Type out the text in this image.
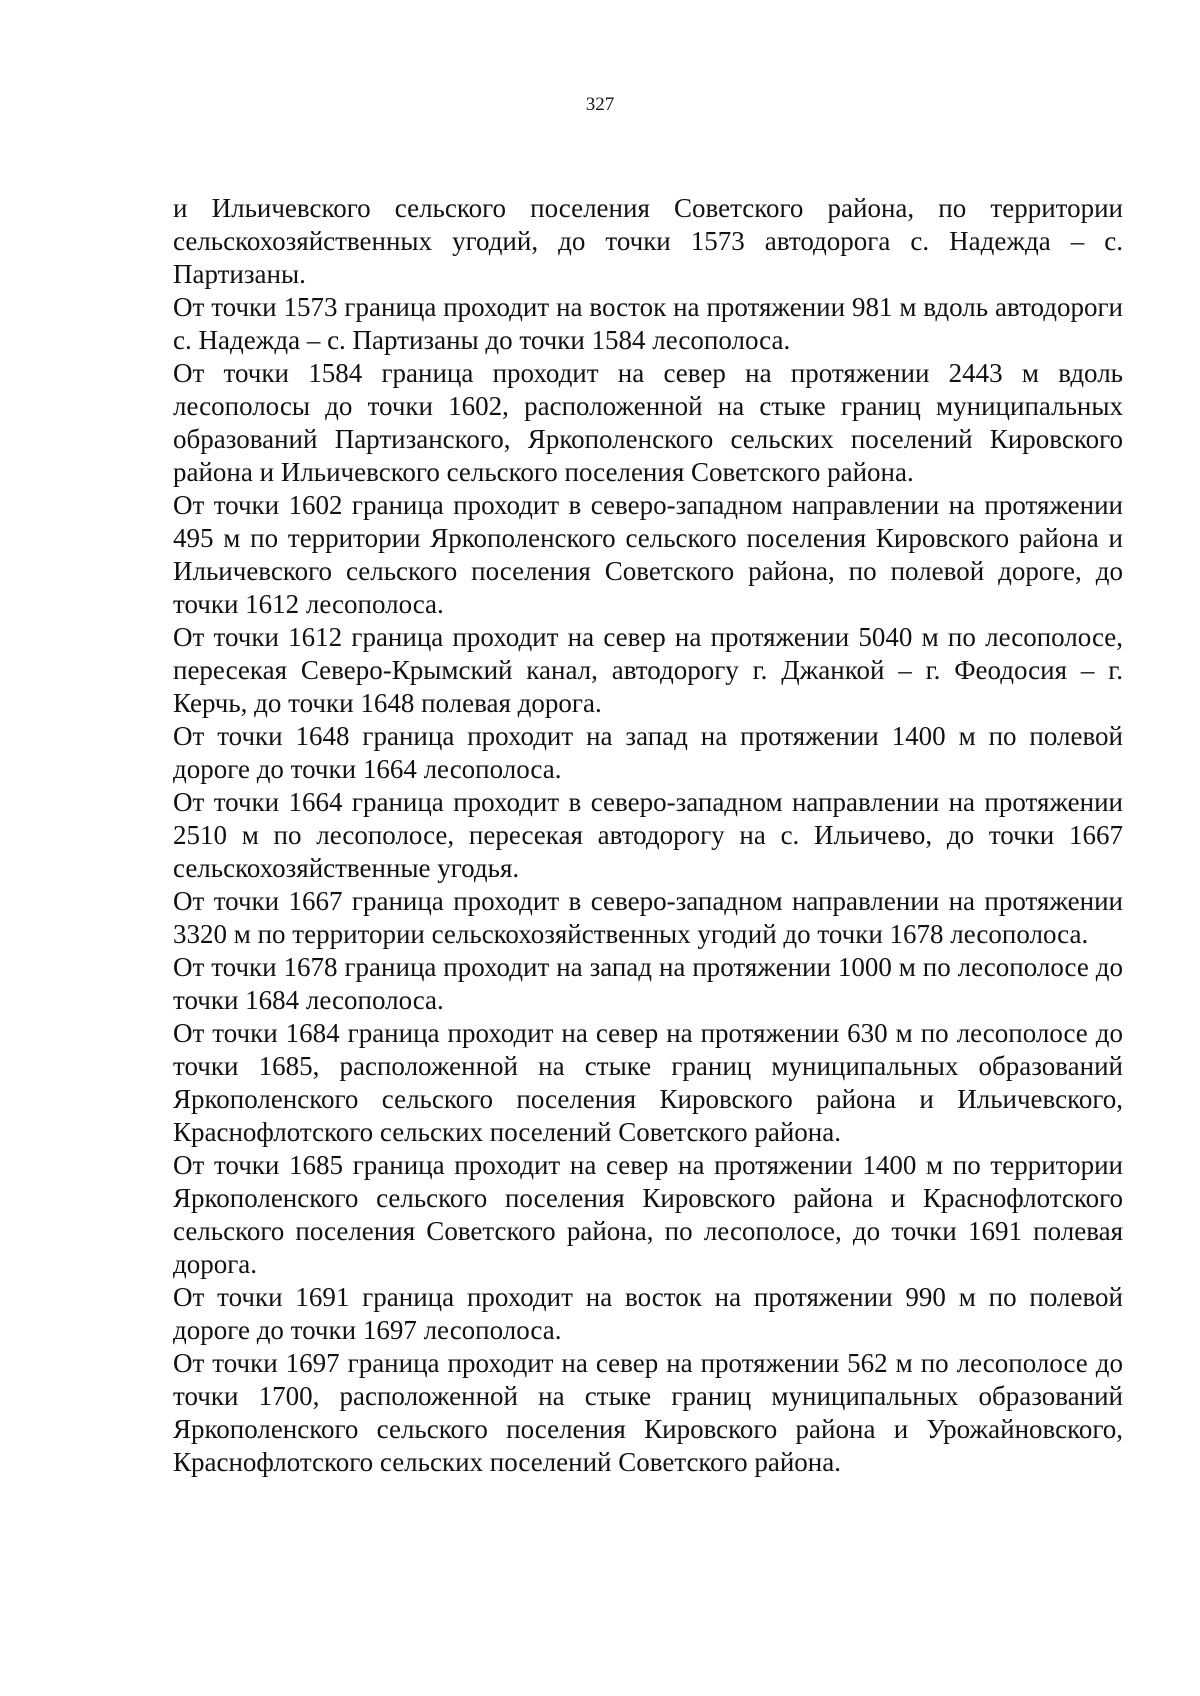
327

и Ильичевского сельского поселения Советского района, по территории сельскохозяйственных угодий, до точки 1573 автодорога с. Надежда – с. Партизаны.

От точки 1573 граница проходит на восток на протяжении 981 м вдоль автодороги с. Надежда – с. Партизаны до точки 1584 лесополоса.

От точки 1584 граница проходит на север на протяжении 2443 м вдоль лесополосы до точки 1602, расположенной на стыке границ муниципальных образований Партизанского, Яркополенского сельских поселений Кировского района и Ильичевского сельского поселения Советского района.

От точки 1602 граница проходит в северо-западном направлении на протяжении 495 м по территории Яркополенского сельского поселения Кировского района и Ильичевского сельского поселения Советского района, по полевой дороге, до точки 1612 лесополоса.

От точки 1612 граница проходит на север на протяжении 5040 м по лесополосе, пересекая Северо-Крымский канал, автодорогу г. Джанкой – г. Феодосия – г. Керчь, до точки 1648 полевая дорога.

От точки 1648 граница проходит на запад на протяжении 1400 м по полевой дороге до точки 1664 лесополоса.

От точки 1664 граница проходит в северо-западном направлении на протяжении 2510 м по лесополосе, пересекая автодорогу на с. Ильичево, до точки 1667 сельскохозяйственные угодья.

От точки 1667 граница проходит в северо-западном направлении на протяжении 3320 м по территории сельскохозяйственных угодий до точки 1678 лесополоса.

От точки 1678 граница проходит на запад на протяжении 1000 м по лесополосе до точки 1684 лесополоса.

От точки 1684 граница проходит на север на протяжении 630 м по лесополосе до точки 1685, расположенной на стыке границ муниципальных образований Яркополенского сельского поселения Кировского района и Ильичевского, Краснофлотского сельских поселений Советского района.

От точки 1685 граница проходит на север на протяжении 1400 м по территории Яркополенского сельского поселения Кировского района и Краснофлотского сельского поселения Советского района, по лесополосе, до точки 1691 полевая дорога.

От точки 1691 граница проходит на восток на протяжении 990 м по полевой дороге до точки 1697 лесополоса.

От точки 1697 граница проходит на север на протяжении 562 м по лесополосе до точки 1700, расположенной на стыке границ муниципальных образований Яркополенского сельского поселения Кировского района и Урожайновского, Краснофлотского сельских поселений Советского района.
